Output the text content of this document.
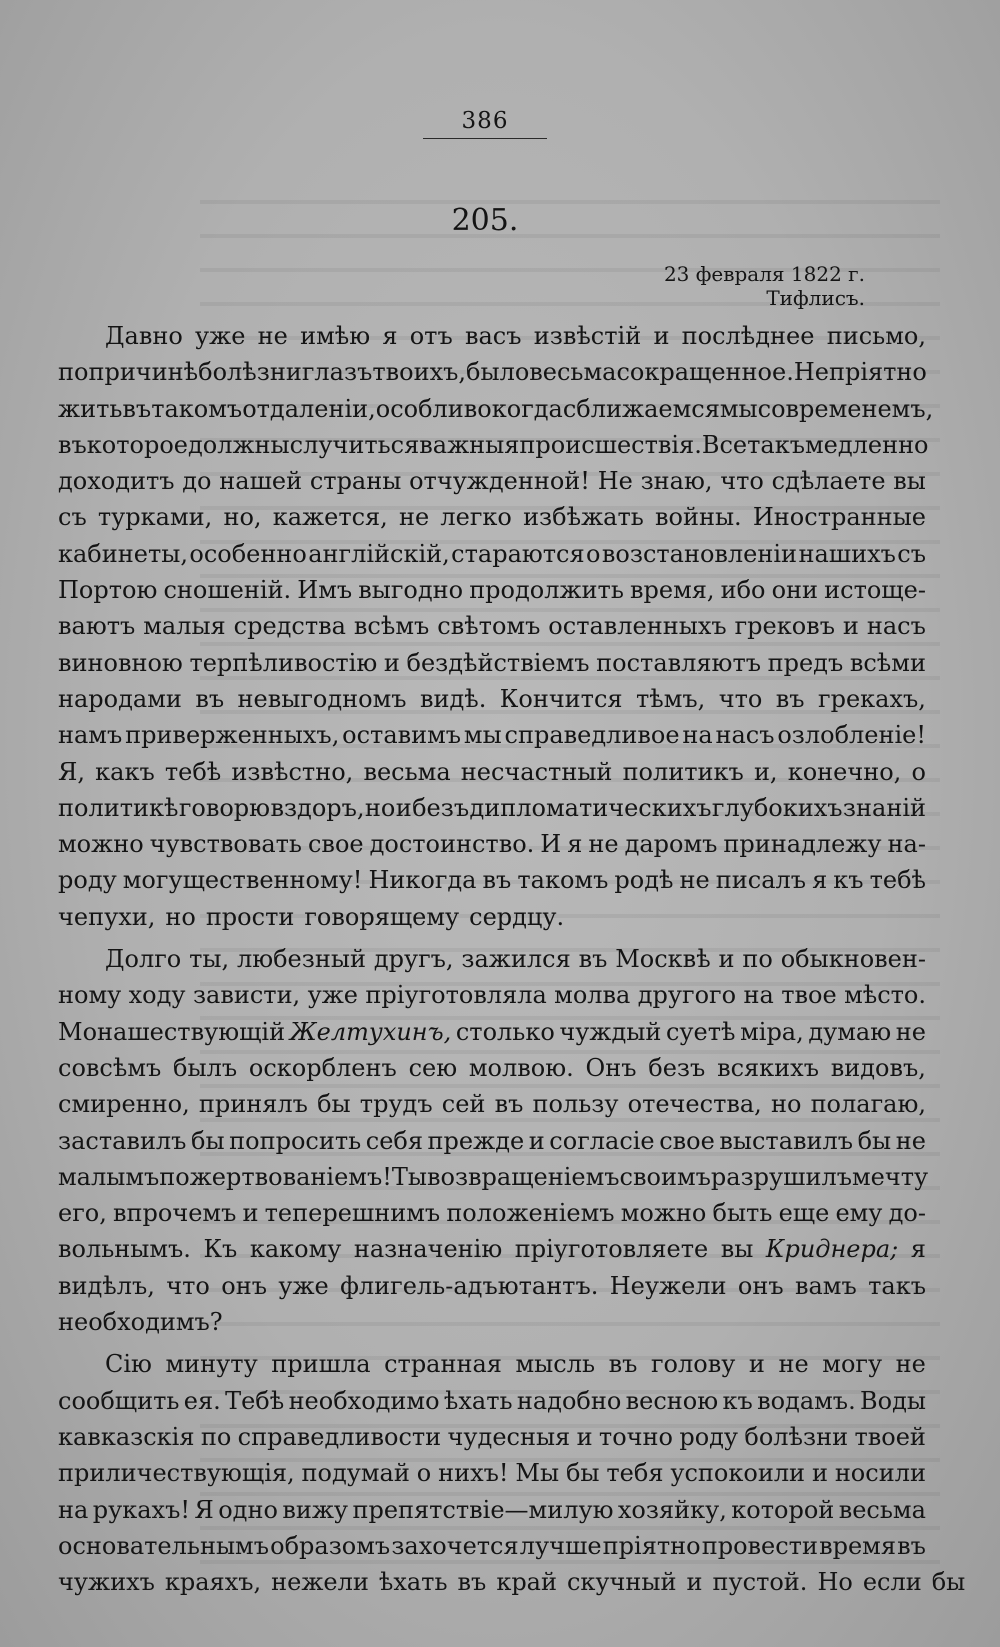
386
205.
23 февраля 1822 г. Тифлисъ.
Давно уже не имѣю я отъ васъ извѣстій и послѣднее письмо,
по причинѣ болѣзни глазъ твоихъ, было весьма сокращенное. Непріятно
жить въ такомъ отдаленіи, особливо когда сближаемся мы со временемъ,
въ которое должны случиться важныя происшествія. Все такъ медленно
доходитъ до нашей страны отчужденной! Не знаю, что сдѣлаете вы
съ турками, но, кажется, не легко избѣжать войны. Иностранные
кабинеты, особенно англійскій, стараются о возстановленіи нашихъ съ
Портою сношеній. Имъ выгодно продолжить время, ибо они истоще-
ваютъ малыя средства всѣмъ свѣтомъ оставленныхъ грековъ и насъ
виновною терпѣливостію и бездѣйствіемъ поставляютъ предъ всѣми
народами въ невыгодномъ видѣ. Кончится тѣмъ, что въ грекахъ,
намъ приверженныхъ, оставимъ мы справедливое на насъ озлобленіе!
Я, какъ тебѣ извѣстно, весьма несчастный политикъ и, конечно, о
политикѣ говорю вздоръ, но и безъ дипломатическихъ глубокихъ знаній
можно чувствовать свое достоинство. И я не даромъ принадлежу на-
роду могущественному! Никогда въ такомъ родѣ не писалъ я къ тебѣ
чепухи, но прости говорящему сердцу.
Долго ты, любезный другъ, зажился въ Москвѣ и по обыкновен-
ному ходу зависти, уже пріуготовляла молва другого на твое мѣсто.
Монашествующій Желтухинъ, столько чуждый суетѣ міра, думаю не
совсѣмъ былъ оскорбленъ сею молвою. Онъ безъ всякихъ видовъ,
смиренно, принялъ бы трудъ сей въ пользу отечества, но полагаю,
заставилъ бы попросить себя прежде и согласіе свое выставилъ бы не
малымъ пожертвованіемъ! Ты возвращеніемъ своимъ разрушилъ мечту
его, впрочемъ и теперешнимъ положеніемъ можно быть еще ему до-
вольнымъ. Къ какому назначенію пріуготовляете вы Криднера; я
видѣлъ, что онъ уже флигель-адъютантъ. Неужели онъ вамъ такъ
необходимъ?
Сію минуту пришла странная мысль въ голову и не могу не
сообщить ея. Тебѣ необходимо ѣхать надобно весною къ водамъ. Воды
кавказскія по справедливости чудесныя и точно роду болѣзни твоей
приличествующія, подумай о нихъ! Мы бы тебя успокоили и носили
на рукахъ! Я одно вижу препятствіе—милую хозяйку, которой весьма
основательнымъ образомъ захочется лучше пріятно провести время въ
чужихъ краяхъ, нежели ѣхать въ край скучный и пустой. Но если бы
